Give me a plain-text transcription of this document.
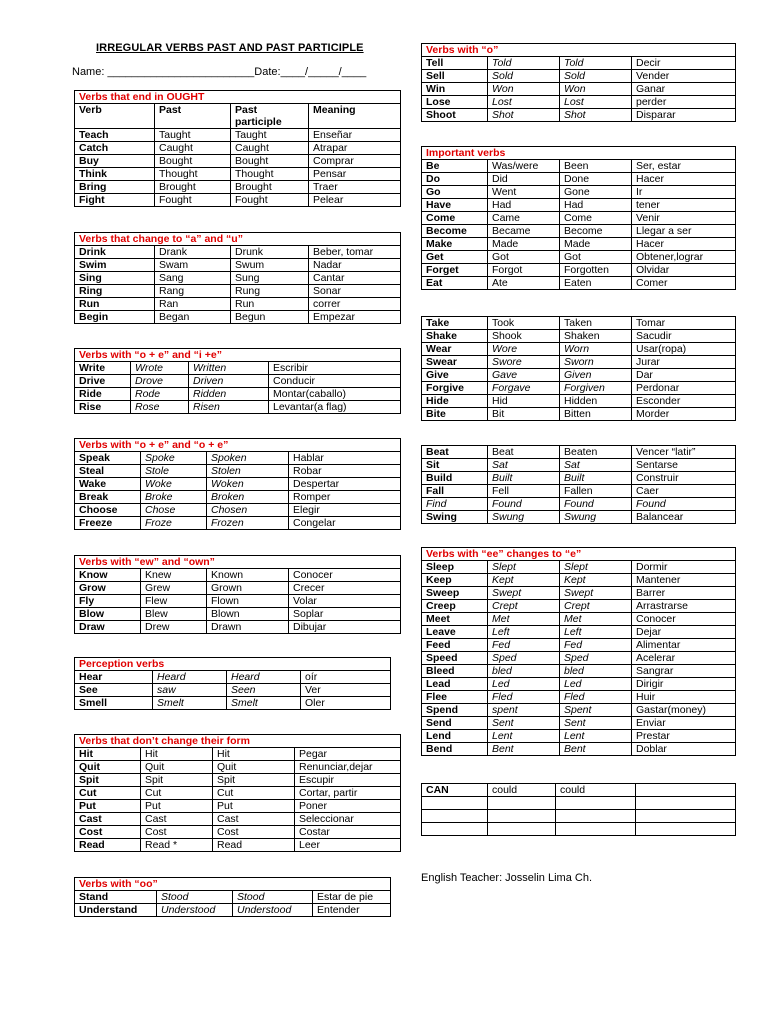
IRREGULAR VERBS PAST AND PAST PARTICIPLE
Name: ________________________Date:____/_____/____
Verbs that end in OUGHT			
Verb	Past	Past participle	Meaning
Teach	Taught	Taught	Enseñar
Catch	Caught	Caught	Atrapar
Buy	Bought	Bought	Comprar
Think	Thought	Thought	Pensar
Bring	Brought	Brought	Traer
Fight	Fought	Fought	Pelear
Verbs that change to “a” and “u”			
Drink	Drank	Drunk	Beber, tomar
Swim	Swam	Swum	Nadar
Sing	Sang	Sung	Cantar
Ring	Rang	Rung	Sonar
Run	Ran	Run	correr
Begin	Began	Begun	Empezar
Verbs with “o + e” and “i +e”			
Write	Wrote	Written	Escribir
Drive	Drove	Driven	Conducir
Ride	Rode	Ridden	Montar(caballo)
Rise	Rose	Risen	Levantar(a flag)
Verbs with “o + e” and “o + e”			
Speak	Spoke	Spoken	Hablar
Steal	Stole	Stolen	Robar
Wake	Woke	Woken	Despertar
Break	Broke	Broken	Romper
Choose	Chose	Chosen	Elegir
Freeze	Froze	Frozen	Congelar
Verbs with “ew” and “own”			
Know	Knew	Known	Conocer
Grow	Grew	Grown	Crecer
Fly	Flew	Flown	Volar
Blow	Blew	Blown	Soplar
Draw	Drew	Drawn	Dibujar
Perception verbs			
Hear	Heard	Heard	oír
See	saw	Seen	Ver
Smell	Smelt	Smelt	Oler
Verbs that don’t change their form			
Hit	Hit	Hit	Pegar
Quit	Quit	Quit	Renunciar,dejar
Spit	Spit	Spit	Escupir
Cut	Cut	Cut	Cortar, partir
Put	Put	Put	Poner
Cast	Cast	Cast	Seleccionar
Cost	Cost	Cost	Costar
Read	Read *	Read	Leer
Verbs with “oo”			
Stand	Stood	Stood	Estar de pie
Understand	Understood	Understood	Entender
Verbs with “o”			
Tell	Told	Told	Decir
Sell	Sold	Sold	Vender
Win	Won	Won	Ganar
Lose	Lost	Lost	perder
Shoot	Shot	Shot	Disparar
Important verbs			
Be	Was/were	Been	Ser, estar
Do	Did	Done	Hacer
Go	Went	Gone	Ir
Have	Had	Had	tener
Come	Came	Come	Venir
Become	Became	Become	Llegar a ser
Make	Made	Made	Hacer
Get	Got	Got	Obtener,lograr
Forget	Forgot	Forgotten	Olvidar
Eat	Ate	Eaten	Comer
Take	Took	Taken	Tomar
Shake	Shook	Shaken	Sacudir
Wear	Wore	Worn	Usar(ropa)
Swear	Swore	Sworn	Jurar
Give	Gave	Given	Dar
Forgive	Forgave	Forgiven	Perdonar
Hide	Hid	Hidden	Esconder
Bite	Bit	Bitten	Morder
Beat	Beat	Beaten	Vencer “latir”
Sit	Sat	Sat	Sentarse
Build	Built	Built	Construir
Fall	Fell	Fallen	Caer
Find	Found	Found	Found
Swing	Swung	Swung	Balancear
Verbs with “ee” changes to “e”			
Sleep	Slept	Slept	Dormir
Keep	Kept	Kept	Mantener
Sweep	Swept	Swept	Barrer
Creep	Crept	Crept	Arrastrarse
Meet	Met	Met	Conocer
Leave	Left	Left	Dejar
Feed	Fed	Fed	Alimentar
Speed	Sped	Sped	Acelerar
Bleed	bled	bled	Sangrar
Lead	Led	Led	Dirigir
Flee	Fled	Fled	Huir
Spend	spent	Spent	Gastar(money)
Send	Sent	Sent	Enviar
Lend	Lent	Lent	Prestar
Bend	Bent	Bent	Doblar
CAN	could	could	

English Teacher: Josselin Lima Ch.
